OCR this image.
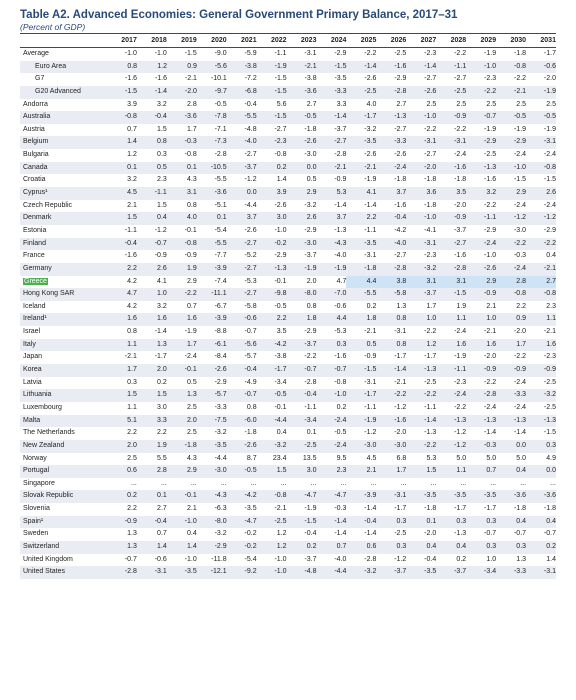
Table A2. Advanced Economies: General Government Primary Balance, 2017–31
(Percent of GDP)
2017	2018	2019	2020	2021	2022	2023	2024	2025	2026	2027	2028	2029	2030	2031
Average	-1.0	-1.0	-1.5	-9.0	-5.9	-1.1	-3.1	-2.9	-2.2	-2.5	-2.3	-2.2	-1.9	-1.8	-1.7
Euro Area	0.8	1.2	0.9	-5.6	-3.8	-1.9	-2.1	-1.5	-1.4	-1.6	-1.4	-1.1	-1.0	-0.8	-0.6
G7	-1.6	-1.6	-2.1	-10.1	-7.2	-1.5	-3.8	-3.5	-2.6	-2.9	-2.7	-2.7	-2.3	-2.2	-2.0
G20 Advanced	-1.5	-1.4	-2.0	-9.7	-6.8	-1.5	-3.6	-3.3	-2.5	-2.8	-2.6	-2.5	-2.2	-2.1	-1.9
Andorra	3.9	3.2	2.8	-0.5	-0.4	5.6	2.7	3.3	4.0	2.7	2.5	2.5	2.5	2.5	2.5
Australia	-0.8	-0.4	-3.6	-7.8	-5.5	-1.5	-0.5	-1.4	-1.7	-1.3	-1.0	-0.9	-0.7	-0.5	-0.5
Austria	0.7	1.5	1.7	-7.1	-4.8	-2.7	-1.8	-3.7	-3.2	-2.7	-2.2	-2.2	-1.9	-1.9	-1.9
Belgium	1.4	0.8	-0.3	-7.3	-4.0	-2.3	-2.6	-2.7	-3.5	-3.3	-3.1	-3.1	-2.9	-2.9	-3.1
Bulgaria	1.2	0.3	-0.8	-2.8	-2.7	-0.8	-3.0	-2.8	-2.6	-2.6	-2.7	-2.4	-2.5	-2.4	-2.4
Canada	0.1	0.5	0.1	-10.5	-3.7	0.2	0.0	-2.1	-2.1	-2.4	-2.0	-1.6	-1.3	-1.0	-0.8
Croatia	3.2	2.3	4.3	-5.5	-1.2	1.4	0.5	-0.9	-1.9	-1.8	-1.8	-1.8	-1.6	-1.5	-1.5
Cyprus¹	4.5	-1.1	3.1	-3.6	0.0	3.9	2.9	5.3	4.1	3.7	3.6	3.5	3.2	2.9	2.6
Czech Republic	2.1	1.5	0.8	-5.1	-4.4	-2.6	-3.2	-1.4	-1.4	-1.6	-1.8	-2.0	-2.2	-2.4	-2.4
Denmark	1.5	0.4	4.0	0.1	3.7	3.0	2.6	3.7	2.2	-0.4	-1.0	-0.9	-1.1	-1.2	-1.2
Estonia	-1.1	-1.2	-0.1	-5.4	-2.6	-1.0	-2.9	-1.3	-1.1	-4.2	-4.1	-3.7	-2.9	-3.0	-2.9
Finland	-0.4	-0.7	-0.8	-5.5	-2.7	-0.2	-3.0	-4.3	-3.5	-4.0	-3.1	-2.7	-2.4	-2.2	-2.2
France	-1.6	-0.9	-0.9	-7.7	-5.2	-2.9	-3.7	-4.0	-3.1	-2.7	-2.3	-1.6	-1.0	-0.3	0.4
Germany	2.2	2.6	1.9	-3.9	-2.7	-1.3	-1.9	-1.9	-1.8	-2.8	-3.2	-2.8	-2.6	-2.4	-2.1
Greece	4.2	4.1	2.9	-7.4	-5.3	-0.1	2.0	4.7	4.4	3.8	3.1	3.1	2.9	2.8	2.7
Hong Kong SAR	4.7	1.0	-2.2	-11.1	-2.7	-9.8	-8.0	-7.0	-5.5	-5.8	-3.7	-1.5	-0.9	-0.8	-0.8
Iceland	4.2	3.2	0.7	-6.7	-5.8	-0.5	0.8	-0.6	0.2	1.3	1.7	1.9	2.1	2.2	2.3
Ireland¹	1.6	1.6	1.6	-3.9	-0.6	2.2	1.8	4.4	1.8	0.8	1.0	1.1	1.0	0.9	1.1
Israel	0.8	-1.4	-1.9	-8.8	-0.7	3.5	-2.9	-5.3	-2.1	-3.1	-2.2	-2.4	-2.1	-2.0	-2.1
Italy	1.1	1.3	1.7	-6.1	-5.6	-4.2	-3.7	0.3	0.5	0.8	1.2	1.6	1.6	1.7	1.6
Japan	-2.1	-1.7	-2.4	-8.4	-5.7	-3.8	-2.2	-1.6	-0.9	-1.7	-1.7	-1.9	-2.0	-2.2	-2.3
Korea	1.7	2.0	-0.1	-2.6	-0.4	-1.7	-0.7	-0.7	-1.5	-1.4	-1.3	-1.1	-0.9	-0.9	-0.9
Latvia	0.3	0.2	0.5	-2.9	-4.9	-3.4	-2.8	-0.8	-3.1	-2.1	-2.5	-2.3	-2.2	-2.4	-2.5
Lithuania	1.5	1.5	1.3	-5.7	-0.7	-0.5	-0.4	-1.0	-1.7	-2.2	-2.2	-2.4	-2.8	-3.3	-3.2
Luxembourg	1.1	3.0	2.5	-3.3	0.8	-0.1	-1.1	0.2	-1.1	-1.2	-1.1	-2.2	-2.4	-2.4	-2.5
Malta	5.1	3.3	2.0	-7.5	-6.0	-4.4	-3.4	-2.4	-1.9	-1.6	-1.4	-1.3	-1.3	-1.3	-1.3
The Netherlands	2.2	2.2	2.5	-3.2	-1.8	0.4	0.1	-0.5	-1.2	-2.0	-1.3	-1.2	-1.4	-1.4	-1.5
New Zealand	2.0	1.9	-1.8	-3.5	-2.6	-3.2	-2.5	-2.4	-3.0	-3.0	-2.2	-1.2	-0.3	0.0	0.3
Norway	2.5	5.5	4.3	-4.4	8.7	23.4	13.5	9.5	4.5	6.8	5.3	5.0	5.0	5.0	4.9
Portugal	0.6	2.8	2.9	-3.0	-0.5	1.5	3.0	2.3	2.1	1.7	1.5	1.1	0.7	0.4	0.0
Singapore	...	...	...	...	...	...	...	...	...	...	...	...	...	...	...
Slovak Republic	0.2	0.1	-0.1	-4.3	-4.2	-0.8	-4.7	-4.7	-3.9	-3.1	-3.5	-3.5	-3.5	-3.6	-3.6
Slovenia	2.2	2.7	2.1	-6.3	-3.5	-2.1	-1.9	-0.3	-1.4	-1.7	-1.8	-1.7	-1.7	-1.8	-1.8
Spain¹	-0.9	-0.4	-1.0	-8.0	-4.7	-2.5	-1.5	-1.4	-0.4	0.3	0.1	0.3	0.3	0.4	0.4
Sweden	1.3	0.7	0.4	-3.2	-0.2	1.2	-0.4	-1.4	-1.4	-2.5	-2.0	-1.3	-0.7	-0.7	-0.7
Switzerland	1.3	1.4	1.4	-2.9	-0.2	1.2	0.2	0.7	0.6	0.3	0.4	0.4	0.3	0.3	0.2
United Kingdom	-0.7	-0.6	-1.0	-11.8	-5.4	-1.0	-3.7	-4.0	-2.8	-1.2	-0.4	0.2	1.0	1.3	1.4
United States	-2.8	-3.1	-3.5	-12.1	-9.2	-1.0	-4.8	-4.4	-3.2	-3.7	-3.5	-3.7	-3.4	-3.3	-3.1
